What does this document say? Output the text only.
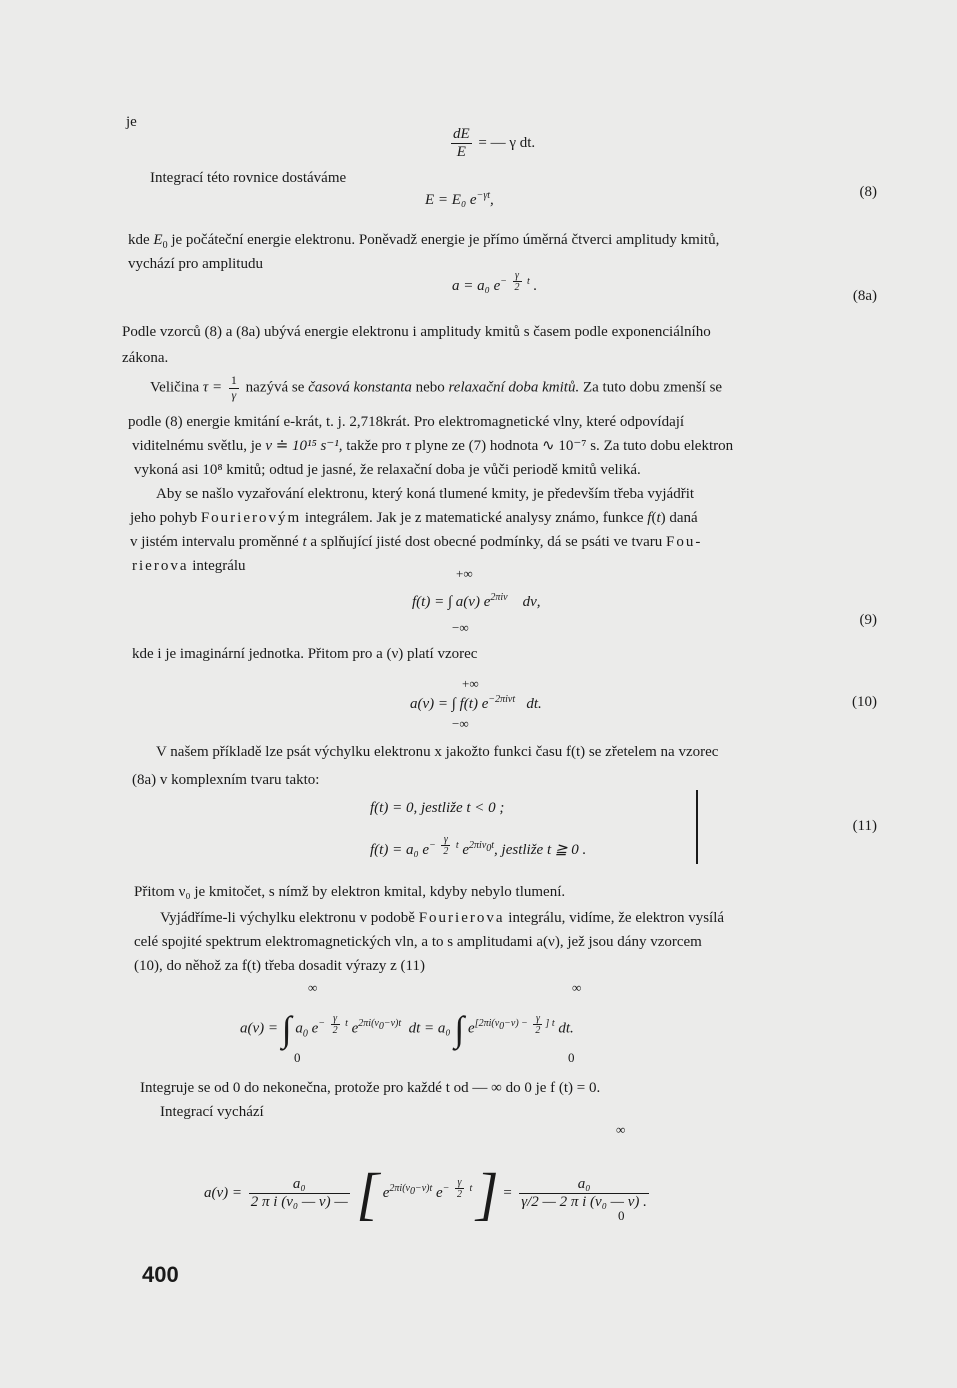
je
$\frac{dE}{E}$ = — γ dt.
Integrací této rovnice dostáváme
E = E₀ $e^{-\gamma t}$,	(8)
kde $E_0$ je počáteční energie elektronu. Poněvadž energie je přímo úměrná čtverci amplitudy kmitů,
vychází pro amplitudu
a = a₀ $e^{- \frac{\gamma}{2} t}$ .
(8a)
Podle vzorců (8) a (8a) ubývá energie elektronu i amplitudy kmitů s časem podle exponenciálního
zákona.
Veličina $\tau = \frac{1}{\gamma}$ nazývá se časová konstanta nebo relaxační doba kmitů. Za tuto dobu zmenší se
podle (8) energie kmitání e-krát, t. j. 2,718krát. Pro elektromagnetické vlny, které odpovídají
viditelnému světlu, je ν ≐ 10¹⁵ s⁻¹, takže pro τ plyne ze (7) hodnota ∿ 10⁻⁷ s. Za tuto dobu elektron
vykoná asi 10⁸ kmitů; odtud je jasné, že relaxační doba je vůči periodě kmitů veliká.
Aby se našlo vyzařování elektronu, který koná tlumené kmity, je především třeba vyjádřit
jeho pohyb Fourierovým integrálem. Jak je z matematické analysy známo, funkce f(t) daná
v jistém intervalu proměnné t a splňující jisté dost obecné podmínky, dá se psáti ve tvaru Fou-
rierova integrálu	+∞
f(t) = ∫ a(ν) $e^{2\pi i\nu}$ dν,
−∞	(9)
kde i je imaginární jednotka. Přitom pro a (ν) platí vzorec
+∞
a(ν) = ∫ f(t) $e^{-2\pi i\nu t}$ dt.
−∞
(10)
V našem příkladě lze psát výchylku elektronu x jakožto funkci času f(t) se zřetelem na vzorec
(8a) v komplexním tvaru takto:
f(t) = 0, jestliže t < 0 ;
f(t) = a₀ $e^{- \frac{\gamma}{2} t}$ $e^{2\pi i\nu_0t}$, jestliže t ≧ 0 .
(11)
Přitom ν₀ je kmitočet, s nímž by elektron kmital, kdyby nebylo tlumení.
Vyjádříme-li výchylku elektronu v podobě Fourierova integrálu, vidíme, že elektron vysílá
celé spojité spektrum elektromagnetických vln, a to s amplitudami a(ν), jež jsou dány vzorcem
(10), do něhož za f(t) třeba dosadit výrazy z (11)
∞	∞
a(ν) = ∫ $a_0$ $e^{- \frac{\gamma}{2} t}$ $e^{2\pi i(\nu_0-\nu)t}$ dt = a₀ ∫ $e^{[2\pi i(\nu_0-\nu) - \frac{\gamma}{2} ] t}$ dt.
0	0
Integruje se od 0 do nekonečna, protože pro každé t od — ∞ do 0 je f (t) = 0.
Integrací vychází
∞
$a(\nu) = \frac{\text{a₀}}{\text{2 π i (ν₀ — ν) —}}$ [ $e^{2\pi i(\nu_0-\nu)t}$ $e^{- \frac{\gamma}{2} t}$ ] = $\frac{\text{a₀}}{\text{γ/2 — 2 π i (ν₀ — ν) .}}$
0
400
